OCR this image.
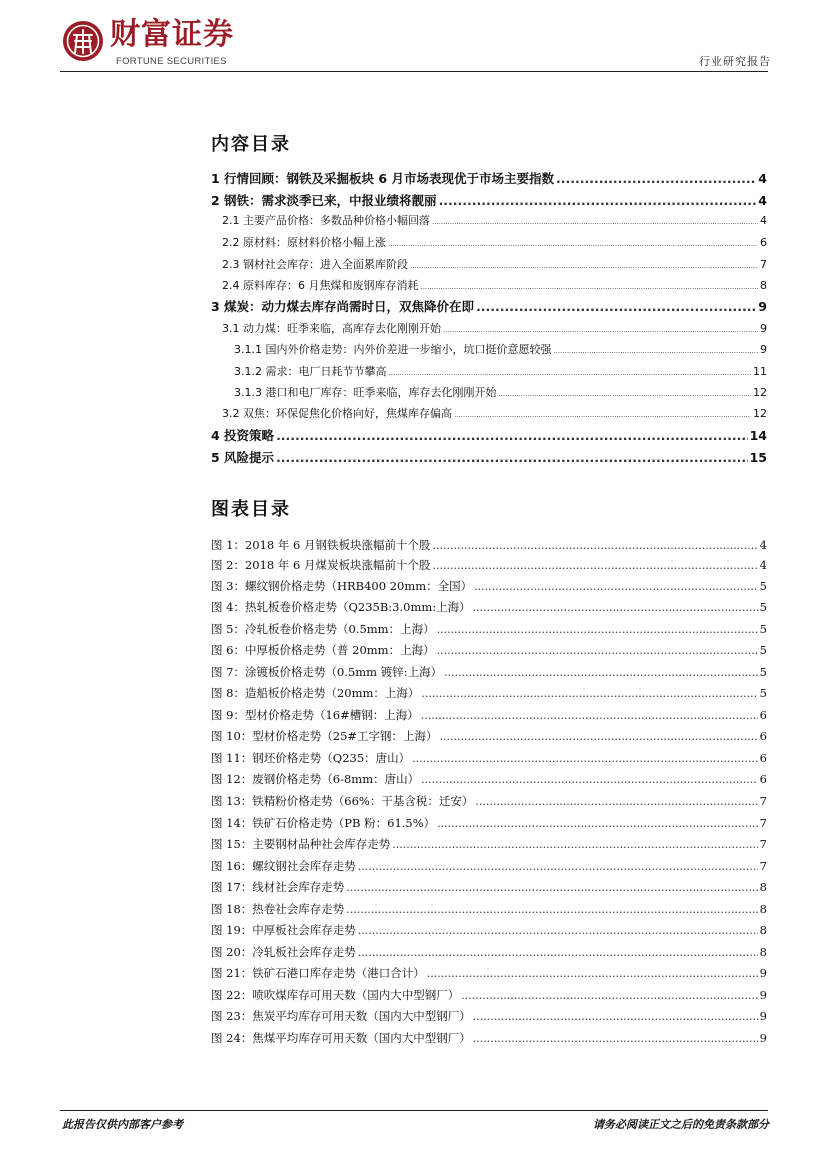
财富证券
FORTUNE SECURITIES	行业研究报告
内容目录
1 行情回顾：钢铁及采掘板块 6 月市场表现优于市场主要指数 .....	4
2 钢铁：需求淡季已来，中报业绩将靓丽 .....	4
2.1 主要产品价格：多数品种价格小幅回落 .....	4
2.2 原材料：原材料价格小幅上涨 .....	6
2.3 钢材社会库存：进入全面累库阶段 .....	7
2.4 原料库存：6 月焦煤和废钢库存消耗 .....	8
3 煤炭：动力煤去库存尚需时日，双焦降价在即 .....	9
3.1 动力煤：旺季来临，高库存去化刚刚开始 .....	9
3.1.1 国内外价格走势：内外价差进一步缩小，坑口挺价意愿较强 .....	9
3.1.2 需求：电厂日耗节节攀高 .....	11
3.1.3 港口和电厂库存：旺季来临，库存去化刚刚开始 .....	12
3.2 双焦：环保促焦化价格向好，焦煤库存偏高 .....	12
4 投资策略 .....	14
5 风险提示 .....	15
图表目录
图 1：2018 年 6 月钢铁板块涨幅前十个股 .....	4
图 2：2018 年 6 月煤炭板块涨幅前十个股 .....	4
图 3：螺纹钢价格走势（HRB400 20mm：全国） .....	5
图 4：热轧板卷价格走势（Q235B:3.0mm:上海） .....	5
图 5：冷轧板卷价格走势（0.5mm：上海） .....	5
图 6：中厚板价格走势（普 20mm：上海） .....	5
图 7：涂镀板价格走势（0.5mm 镀锌:上海） .....	5
图 8：造船板价格走势（20mm：上海） .....	5
图 9：型材价格走势（16#槽钢：上海） .....	6
图 10：型材价格走势（25#工字钢：上海） .....	6
图 11：钢坯价格走势（Q235：唐山） .....	6
图 12：废钢价格走势（6-8mm：唐山） .....	6
图 13：铁精粉价格走势（66%：干基含税：迁安） .....	7
图 14：铁矿石价格走势（PB 粉：61.5%） .....	7
图 15：主要钢材品种社会库存走势 .....	7
图 16：螺纹钢社会库存走势 .....	7
图 17：线材社会库存走势 .....	8
图 18：热卷社会库存走势 .....	8
图 19：中厚板社会库存走势 .....	8
图 20：冷轧板社会库存走势 .....	8
图 21：铁矿石港口库存走势（港口合计） .....	9
图 22：喷吹煤库存可用天数（国内大中型钢厂） .....	9
图 23：焦炭平均库存可用天数（国内大中型钢厂） .....	9
图 24：焦煤平均库存可用天数（国内大中型钢厂） .....	9
此报告仅供内部客户参考	请务必阅读正文之后的免责条款部分
